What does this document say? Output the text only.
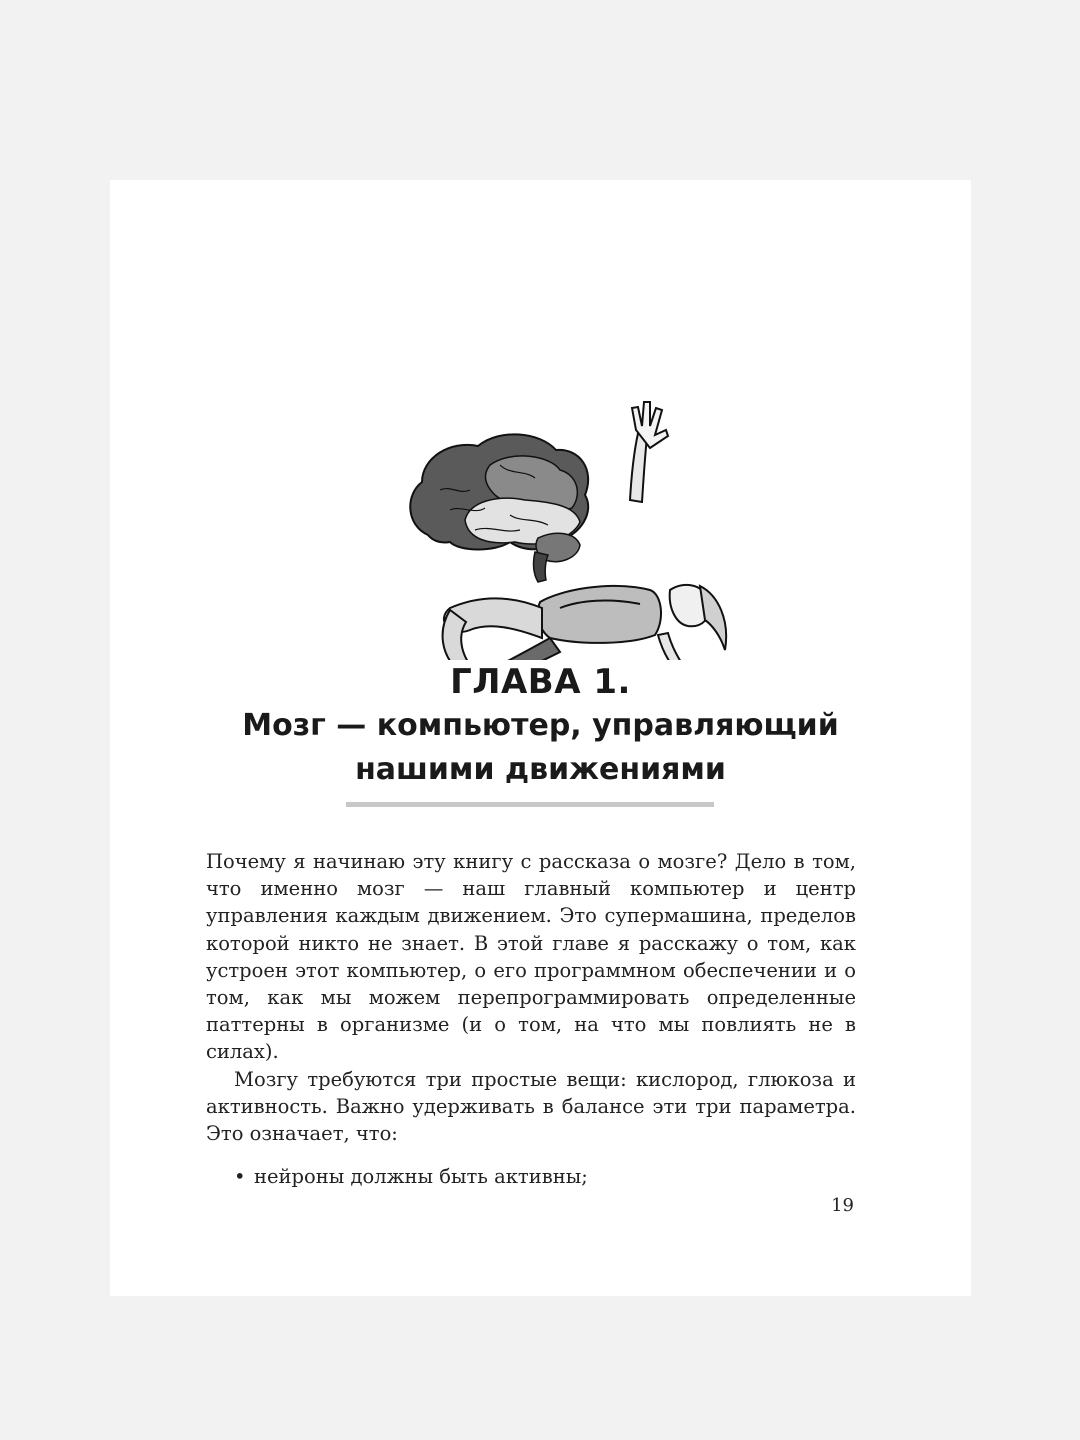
ГЛАВА 1.
Мозг — компьютер, управляющий
нашими движениями

Почему я начинаю эту книгу с рассказа о мозге? Дело в том, что именно мозг — наш главный компьютер и центр управления каждым движением. Это супермашина, пределов которой никто не знает. В этой главе я расскажу о том, как устроен этот компьютер, о его программном обеспечении и о том, как мы можем перепрограммировать определенные паттерны в организме (и о том, на что мы повлиять не в силах).

Мозгу требуются три простые вещи: кислород, глюкоза и активность. Важно удерживать в балансе эти три параметра. Это означает, что:

• нейроны должны быть активны;

19
